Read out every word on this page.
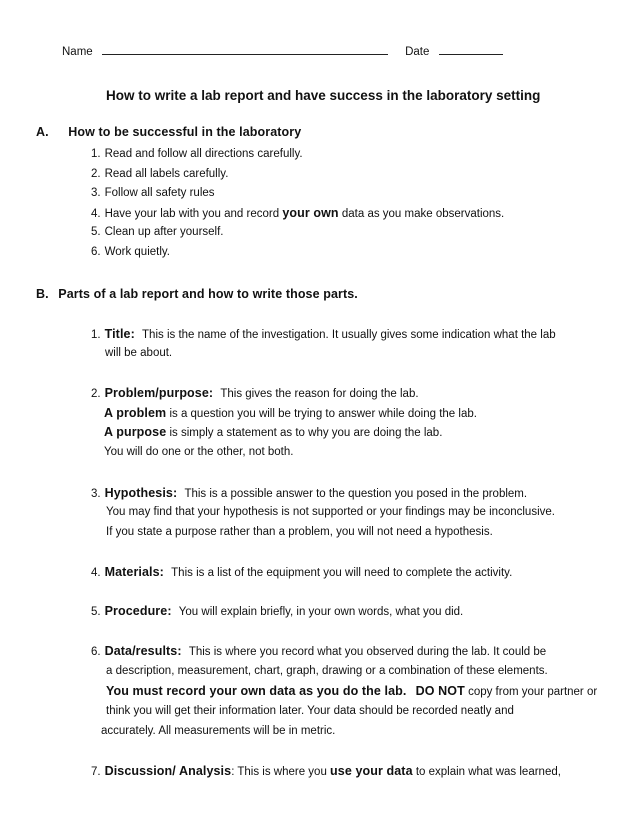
Name	Date
How to write a lab report and have success in the laboratory setting
A. How to be successful in the laboratory
1. Read and follow all directions carefully.
2. Read all labels carefully.
3. Follow all safety rules
4. Have your lab with you and record your own data as you make observations.
5. Clean up after yourself.
6. Work quietly.
B. Parts of a lab report and how to write those parts.
1. Title: This is the name of the investigation. It usually gives some indication what the lab
will be about.
2. Problem/purpose: This gives the reason for doing the lab.
A problem is a question you will be trying to answer while doing the lab.
A purpose is simply a statement as to why you are doing the lab.
You will do one or the other, not both.
3. Hypothesis: This is a possible answer to the question you posed in the problem.
You may find that your hypothesis is not supported or your findings may be inconclusive.
If you state a purpose rather than a problem, you will not need a hypothesis.
4. Materials: This is a list of the equipment you will need to complete the activity.
5. Procedure: You will explain briefly, in your own words, what you did.
6. Data/results: This is where you record what you observed during the lab. It could be
a description, measurement, chart, graph, drawing or a combination of these elements.
You must record your own data as you do the lab. DO NOT copy from your partner or
think you will get their information later. Your data should be recorded neatly and
accurately. All measurements will be in metric.
7. Discussion/ Analysis: This is where you use your data to explain what was learned,
